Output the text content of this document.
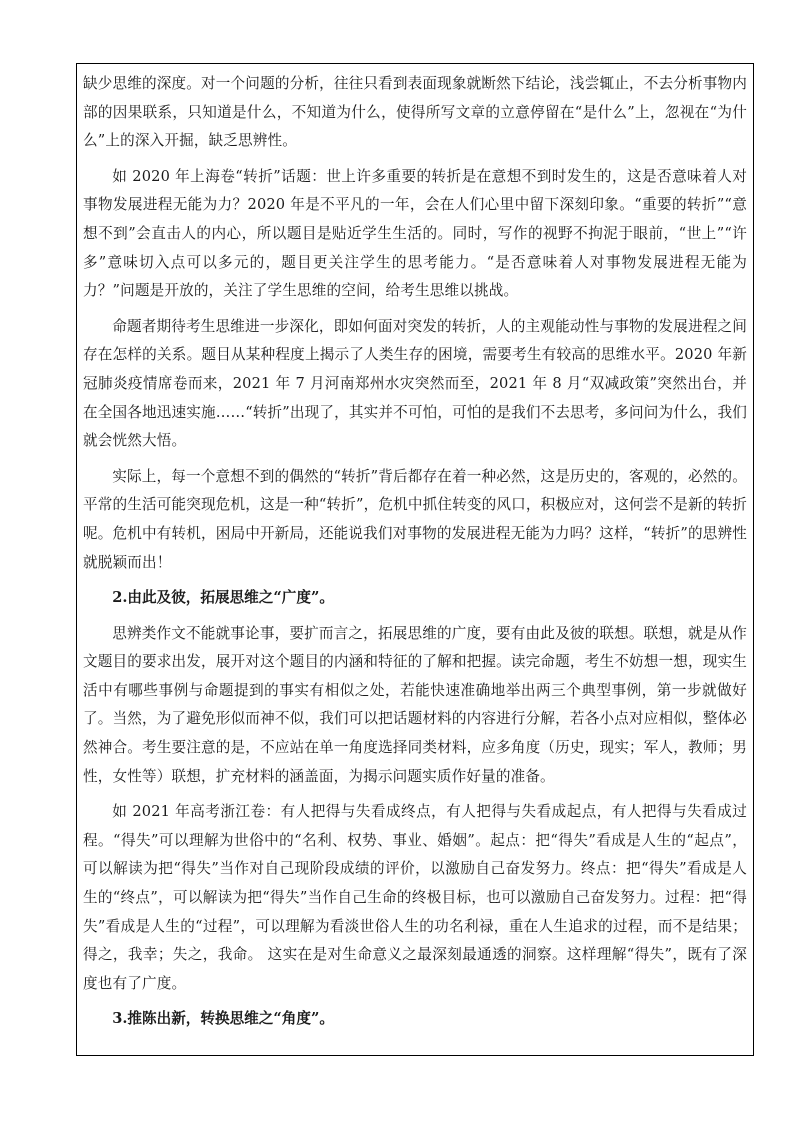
缺少思维的深度。对一个问题的分析，往往只看到表面现象就断然下结论，浅尝辄止，不去分析事物内部的因果联系，只知道是什么，不知道为什么，使得所写文章的立意停留在“是什么”上，忽视在“为什么”上的深入开掘，缺乏思辨性。

如 2020 年上海卷“转折”话题：世上许多重要的转折是在意想不到时发生的，这是否意味着人对事物发展进程无能为力？2020 年是不平凡的一年，会在人们心里中留下深刻印象。“重要的转折”“意想不到”会直击人的内心，所以题目是贴近学生生活的。同时，写作的视野不拘泥于眼前，“世上”“许多”意味切入点可以多元的，题目更关注学生的思考能力。“是否意味着人对事物发展进程无能为力？”问题是开放的，关注了学生思维的空间，给考生思维以挑战。

命题者期待考生思维进一步深化，即如何面对突发的转折，人的主观能动性与事物的发展进程之间存在怎样的关系。题目从某种程度上揭示了人类生存的困境，需要考生有较高的思维水平。2020 年新冠肺炎疫情席卷而来，2021 年 7 月河南郑州水灾突然而至，2021 年 8 月“双减政策”突然出台，并在全国各地迅速实施……“转折”出现了，其实并不可怕，可怕的是我们不去思考，多问问为什么，我们就会恍然大悟。

实际上，每一个意想不到的偶然的“转折”背后都存在着一种必然，这是历史的，客观的，必然的。平常的生活可能突现危机，这是一种“转折”，危机中抓住转变的风口，积极应对，这何尝不是新的转折呢。危机中有转机，困局中开新局，还能说我们对事物的发展进程无能为力吗？这样，“转折”的思辨性就脱颖而出！

2.由此及彼，拓展思维之“广度”。

思辨类作文不能就事论事，要扩而言之，拓展思维的广度，要有由此及彼的联想。联想，就是从作文题目的要求出发，展开对这个题目的内涵和特征的了解和把握。读完命题，考生不妨想一想，现实生活中有哪些事例与命题提到的事实有相似之处，若能快速准确地举出两三个典型事例，第一步就做好了。当然，为了避免形似而神不似，我们可以把话题材料的内容进行分解，若各小点对应相似，整体必然神合。考生要注意的是，不应站在单一角度选择同类材料，应多角度（历史，现实；军人，教师；男性，女性等）联想，扩充材料的涵盖面，为揭示问题实质作好量的准备。

如 2021 年高考浙江卷：有人把得与失看成终点，有人把得与失看成起点，有人把得与失看成过程。“得失”可以理解为世俗中的“名利、权势、事业、婚姻”。起点：把“得失”看成是人生的“起点”，可以解读为把“得失”当作对自己现阶段成绩的评价，以激励自己奋发努力。终点：把“得失”看成是人生的“终点”，可以解读为把“得失”当作自己生命的终极目标，也可以激励自己奋发努力。过程：把“得失”看成是人生的“过程”，可以理解为看淡世俗人生的功名利禄，重在人生追求的过程，而不是结果；得之，我幸；失之，我命。 这实在是对生命意义之最深刻最通透的洞察。这样理解“得失”，既有了深度也有了广度。

3.推陈出新，转换思维之“角度”。
